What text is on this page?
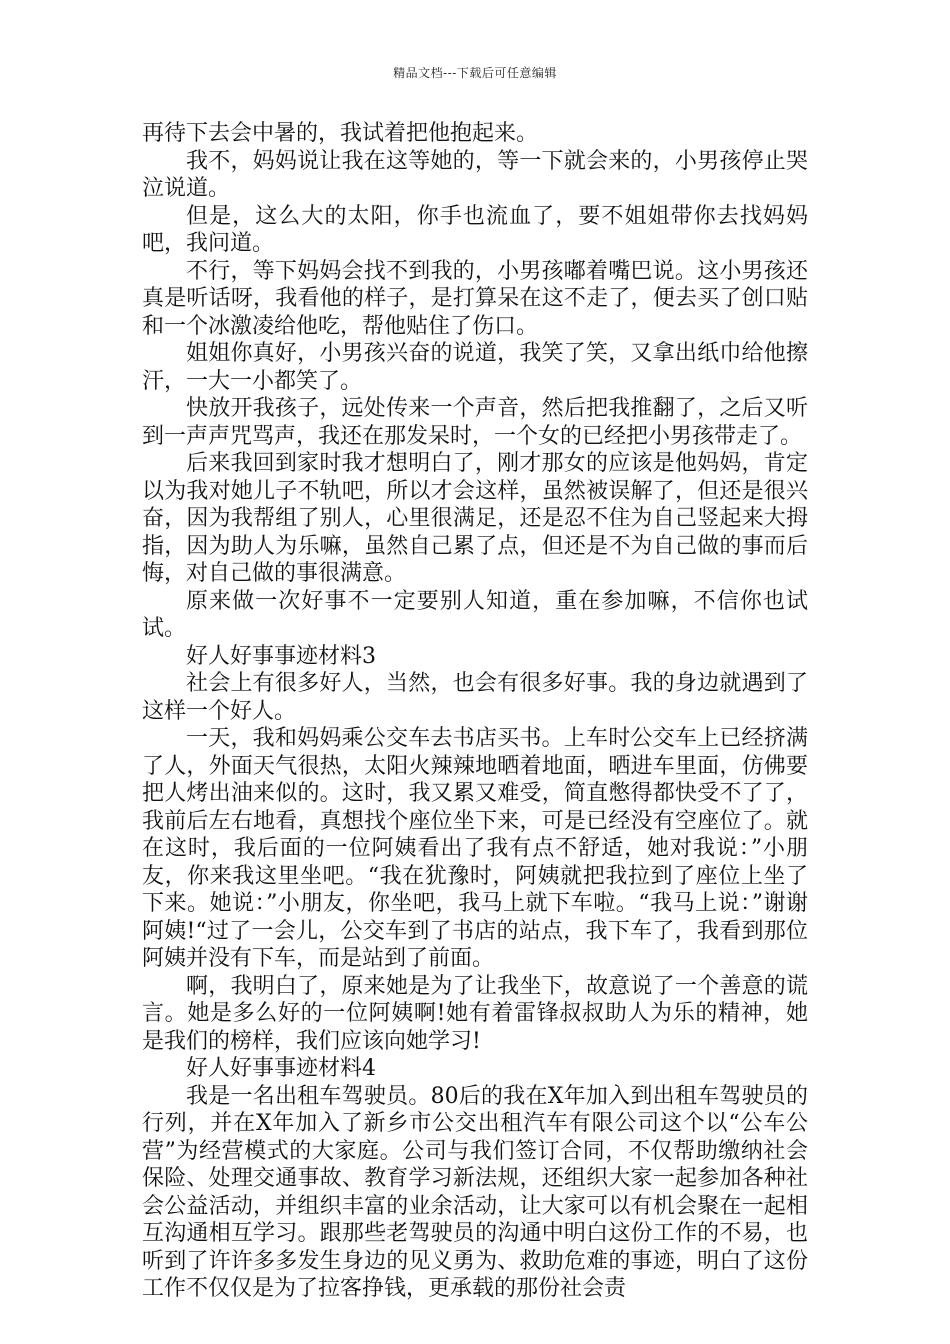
精品文档---下载后可任意编辑

再待下去会中暑的，我试着把他抱起来。

我不，妈妈说让我在这等她的，等一下就会来的，小男孩停止哭泣说道。

但是，这么大的太阳，你手也流血了，要不姐姐带你去找妈妈吧，我问道。

不行，等下妈妈会找不到我的，小男孩嘟着嘴巴说。这小男孩还真是听话呀，我看他的样子，是打算呆在这不走了，便去买了创口贴和一个冰激凌给他吃，帮他贴住了伤口。

姐姐你真好，小男孩兴奋的说道，我笑了笑，又拿出纸巾给他擦汗，一大一小都笑了。

快放开我孩子，远处传来一个声音，然后把我推翻了，之后又听到一声声咒骂声，我还在那发呆时，一个女的已经把小男孩带走了。

后来我回到家时我才想明白了，刚才那女的应该是他妈妈，肯定以为我对她儿子不轨吧，所以才会这样，虽然被误解了，但还是很兴奋，因为我帮组了别人，心里很满足，还是忍不住为自己竖起来大拇指，因为助人为乐嘛，虽然自己累了点，但还是不为自己做的事而后悔，对自己做的事很满意。

原来做一次好事不一定要别人知道，重在参加嘛，不信你也试试。

好人好事事迹材料3

社会上有很多好人，当然，也会有很多好事。我的身边就遇到了这样一个好人。

一天，我和妈妈乘公交车去书店买书。上车时公交车上已经挤满了人，外面天气很热，太阳火辣辣地晒着地面，晒进车里面，仿佛要把人烤出油来似的。这时，我又累又难受，简直憋得都快受不了了，我前后左右地看，真想找个座位坐下来，可是已经没有空座位了。就在这时，我后面的一位阿姨看出了我有点不舒适，她对我说：”小朋友，你来我这里坐吧。“我在犹豫时，阿姨就把我拉到了座位上坐了下来。她说：”小朋友，你坐吧，我马上就下车啦。“我马上说：”谢谢阿姨!“过了一会儿，公交车到了书店的站点，我下车了，我看到那位阿姨并没有下车，而是站到了前面。

啊，我明白了，原来她是为了让我坐下，故意说了一个善意的谎言。她是多么好的一位阿姨啊!她有着雷锋叔叔助人为乐的精神，她是我们的榜样，我们应该向她学习!

好人好事事迹材料4

我是一名出租车驾驶员。80后的我在X年加入到出租车驾驶员的行列，并在X年加入了新乡市公交出租汽车有限公司这个以“公车公营”为经营模式的大家庭。公司与我们签订合同，不仅帮助缴纳社会保险、处理交通事故、教育学习新法规，还组织大家一起参加各种社会公益活动，并组织丰富的业余活动，让大家可以有机会聚在一起相互沟通相互学习。跟那些老驾驶员的沟通中明白这份工作的不易，也听到了许许多多发生身边的见义勇为、救助危难的事迹，明白了这份工作不仅仅是为了拉客挣钱，更承载的那份社会责
